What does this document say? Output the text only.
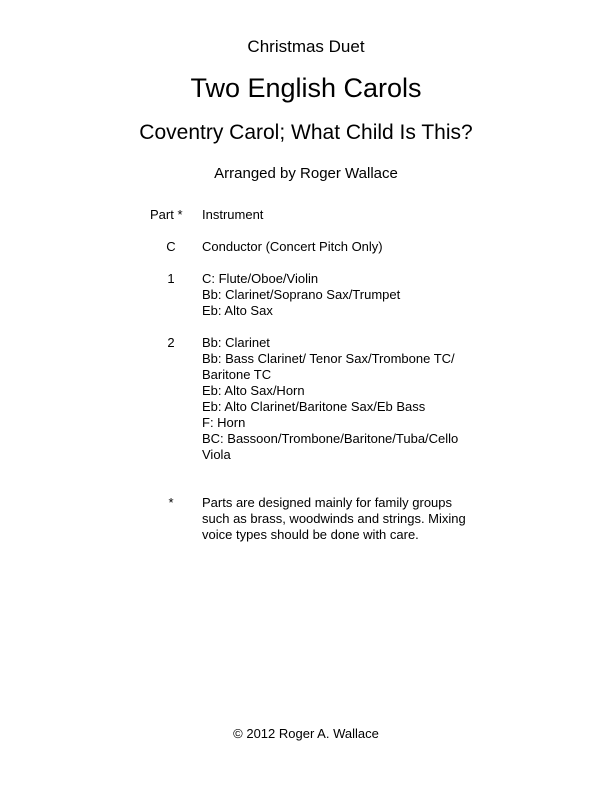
Christmas Duet
Two English Carols
Coventry Carol; What Child Is This?
Arranged by Roger Wallace
Part *	Instrument
C	Conductor (Concert Pitch Only)
1	C: Flute/Oboe/Violin
Bb: Clarinet/Soprano Sax/Trumpet
Eb: Alto Sax
2	Bb: Clarinet
Bb: Bass Clarinet/ Tenor Sax/Trombone TC/
Baritone TC
Eb: Alto Sax/Horn
Eb: Alto Clarinet/Baritone Sax/Eb Bass
F: Horn
BC: Bassoon/Trombone/Baritone/Tuba/Cello
Viola
*	Parts are designed mainly for family groups
such as brass, woodwinds and strings. Mixing
voice types should be done with care.
© 2012 Roger A. Wallace
